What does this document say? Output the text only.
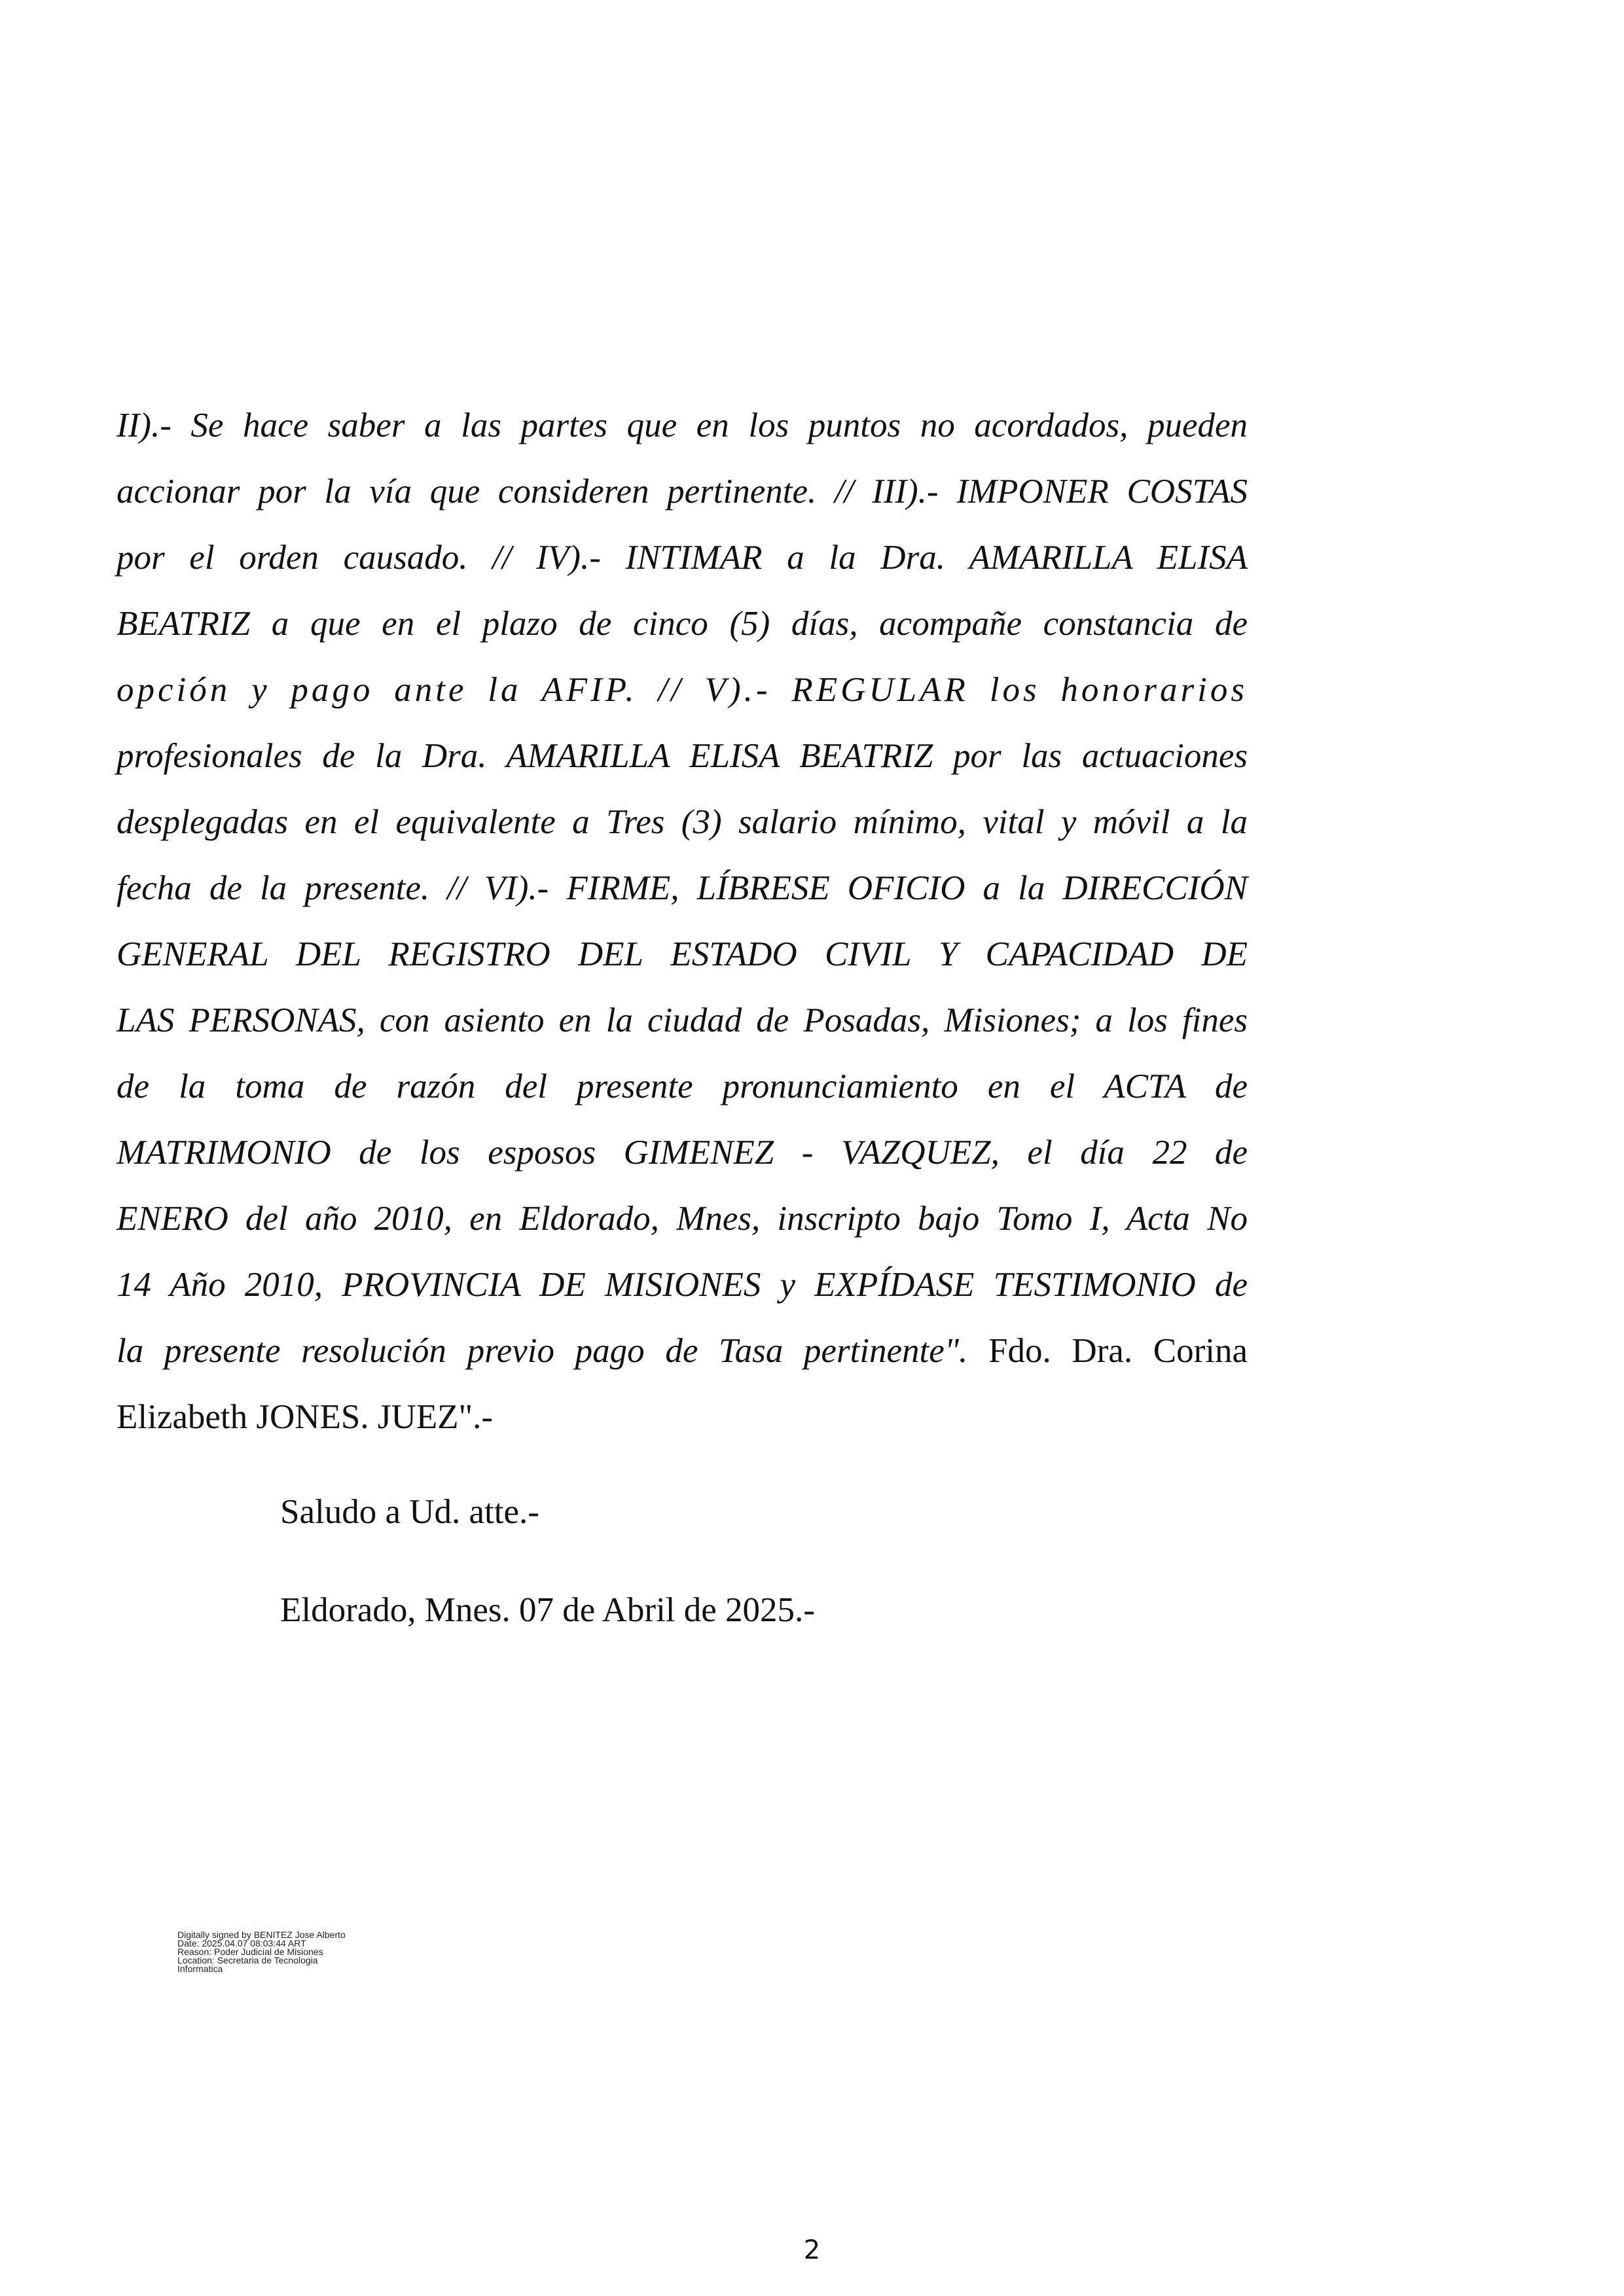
II).- Se hace saber a las partes que en los puntos no acordados, pueden
accionar por la vía que consideren pertinente. // III).- IMPONER COSTAS
por el orden causado. // IV).- INTIMAR a la Dra. AMARILLA ELISA
BEATRIZ a que en el plazo de cinco (5) días, acompañe constancia de
opción y pago ante la AFIP. // V).- REGULAR los honorarios
profesionales de la Dra. AMARILLA ELISA BEATRIZ por las actuaciones
desplegadas en el equivalente a Tres (3) salario mínimo, vital y móvil a la
fecha de la presente. // VI).- FIRME, LÍBRESE OFICIO a la DIRECCIÓN
GENERAL DEL REGISTRO DEL ESTADO CIVIL Y CAPACIDAD DE
LAS PERSONAS, con asiento en la ciudad de Posadas, Misiones; a los fines
de la toma de razón del presente pronunciamiento en el ACTA de
MATRIMONIO de los esposos GIMENEZ - VAZQUEZ, el día 22 de
ENERO del año 2010, en Eldorado, Mnes, inscripto bajo Tomo I, Acta No
14 Año 2010, PROVINCIA DE MISIONES y EXPÍDASE TESTIMONIO de
la presente resolución previo pago de Tasa pertinente". Fdo. Dra. Corina
Elizabeth JONES. JUEZ".-
Saludo a Ud. atte.-
Eldorado, Mnes. 07 de Abril de 2025.-
Digitally signed by BENITEZ Jose Alberto
Date: 2025.04.07 08:03:44 ART
Reason: Poder Judicial de Misiones
Location: Secretaria de Tecnologia
Informatica
2
